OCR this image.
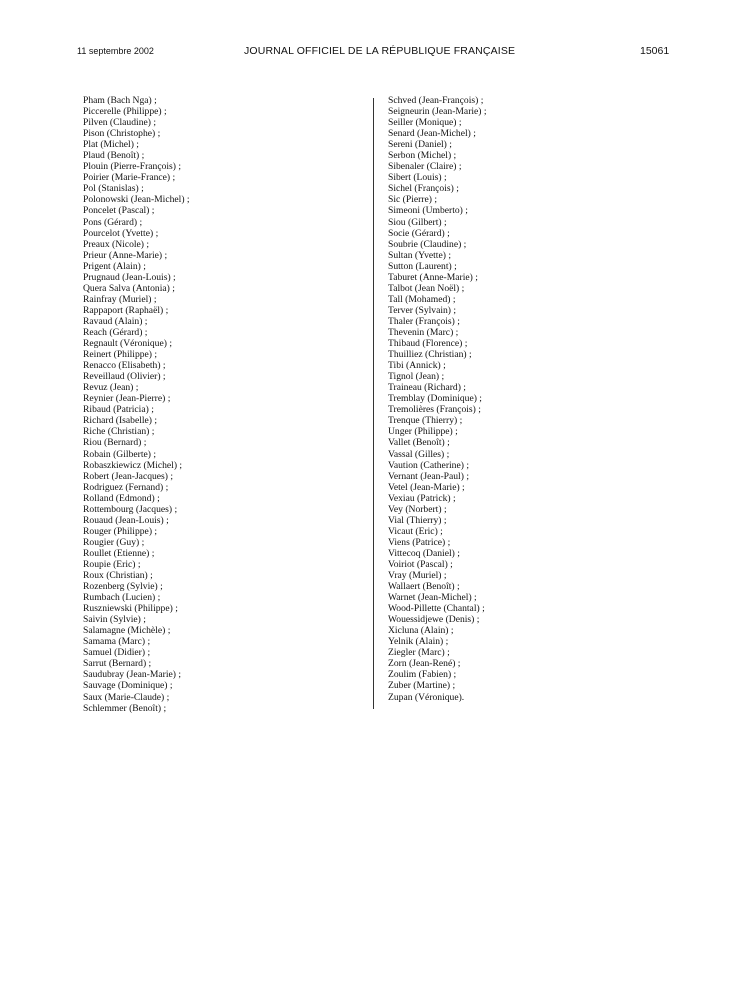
11 septembre 2002	JOURNAL OFFICIEL DE LA RÉPUBLIQUE FRANÇAISE	15061
Pham (Bach Nga) ;
Piccerelle (Philippe) ;
Pilven (Claudine) ;
Pison (Christophe) ;
Plat (Michel) ;
Plaud (Benoît) ;
Plouin (Pierre-François) ;
Poirier (Marie-France) ;
Pol (Stanislas) ;
Polonowski (Jean-Michel) ;
Poncelet (Pascal) ;
Pons (Gérard) ;
Pourcelot (Yvette) ;
Preaux (Nicole) ;
Prieur (Anne-Marie) ;
Prigent (Alain) ;
Prugnaud (Jean-Louis) ;
Quera Salva (Antonia) ;
Rainfray (Muriel) ;
Rappaport (Raphaël) ;
Ravaud (Alain) ;
Reach (Gérard) ;
Regnault (Véronique) ;
Reinert (Philippe) ;
Renacco (Elisabeth) ;
Reveillaud (Olivier) ;
Revuz (Jean) ;
Reynier (Jean-Pierre) ;
Ribaud (Patricia) ;
Richard (Isabelle) ;
Riche (Christian) ;
Riou (Bernard) ;
Robain (Gilberte) ;
Robaszkiewicz (Michel) ;
Robert (Jean-Jacques) ;
Rodriguez (Fernand) ;
Rolland (Edmond) ;
Rottembourg (Jacques) ;
Rouaud (Jean-Louis) ;
Rouger (Philippe) ;
Rougier (Guy) ;
Roullet (Etienne) ;
Roupie (Eric) ;
Roux (Christian) ;
Rozenberg (Sylvie) ;
Rumbach (Lucien) ;
Ruszniewski (Philippe) ;
Saivin (Sylvie) ;
Salamagne (Michèle) ;
Samama (Marc) ;
Samuel (Didier) ;
Sarrut (Bernard) ;
Saudubray (Jean-Marie) ;
Sauvage (Dominique) ;
Saux (Marie-Claude) ;
Schlemmer (Benoît) ;
Schved (Jean-François) ;
Seigneurin (Jean-Marie) ;
Seiller (Monique) ;
Senard (Jean-Michel) ;
Sereni (Daniel) ;
Serbon (Michel) ;
Sibenaler (Claire) ;
Sibert (Louis) ;
Sichel (François) ;
Sic (Pierre) ;
Simeoni (Umberto) ;
Siou (Gilbert) ;
Socie (Gérard) ;
Soubrie (Claudine) ;
Sultan (Yvette) ;
Sutton (Laurent) ;
Taburet (Anne-Marie) ;
Talbot (Jean Noël) ;
Tall (Mohamed) ;
Terver (Sylvain) ;
Thaler (François) ;
Thevenin (Marc) ;
Thibaud (Florence) ;
Thuilliez (Christian) ;
Tibi (Annick) ;
Tignol (Jean) ;
Traineau (Richard) ;
Tremblay (Dominique) ;
Tremolières (François) ;
Trenque (Thierry) ;
Unger (Philippe) ;
Vallet (Benoît) ;
Vassal (Gilles) ;
Vaution (Catherine) ;
Vernant (Jean-Paul) ;
Vetel (Jean-Marie) ;
Vexiau (Patrick) ;
Vey (Norbert) ;
Vial (Thierry) ;
Vicaut (Eric) ;
Viens (Patrice) ;
Vittecoq (Daniel) ;
Voiriot (Pascal) ;
Vray (Muriel) ;
Wallaert (Benoît) ;
Warnet (Jean-Michel) ;
Wood-Pillette (Chantal) ;
Wouessidjewe (Denis) ;
Xicluna (Alain) ;
Yelnik (Alain) ;
Ziegler (Marc) ;
Zorn (Jean-René) ;
Zoulim (Fabien) ;
Zuber (Martine) ;
Zupan (Véronique).
